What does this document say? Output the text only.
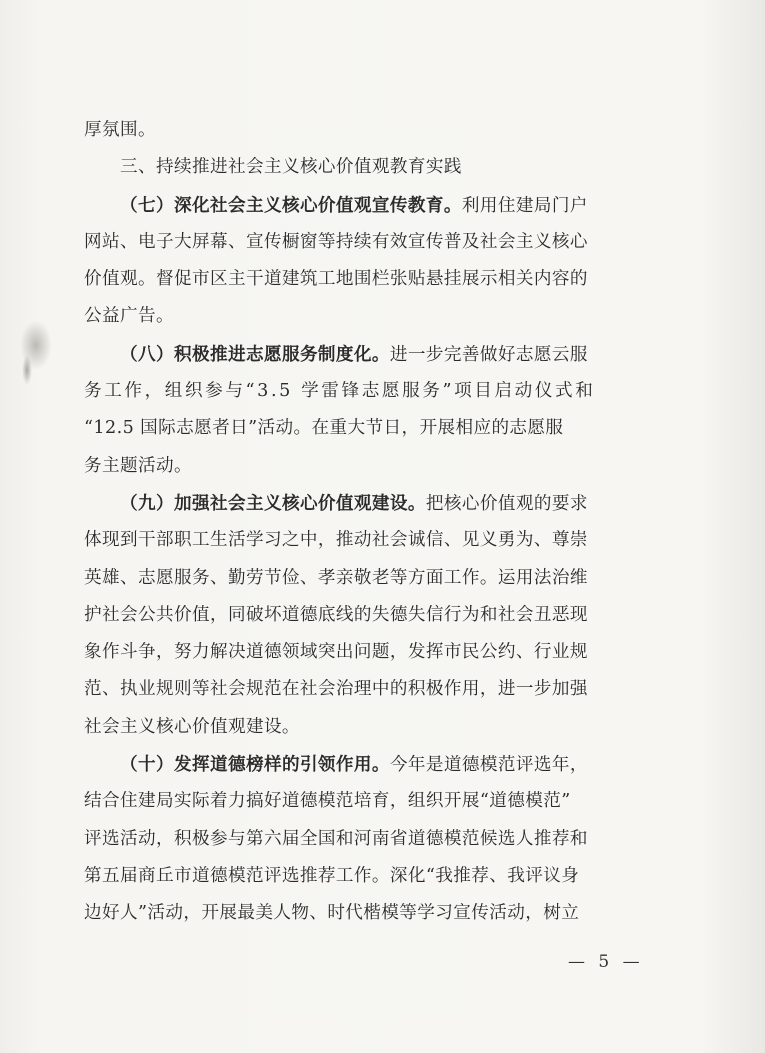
厚氛围。
三、持续推进社会主义核心价值观教育实践
（七）深化社会主义核心价值观宣传教育。利用住建局门户
网站、电子大屏幕、宣传橱窗等持续有效宣传普及社会主义核心
价值观。督促市区主干道建筑工地围栏张贴悬挂展示相关内容的
公益广告。
（八）积极推进志愿服务制度化。进一步完善做好志愿云服
务工作，组织参与“3.5 学雷锋志愿服务”项目启动仪式和
“12.5 国际志愿者日”活动。在重大节日，开展相应的志愿服
务主题活动。
（九）加强社会主义核心价值观建设。把核心价值观的要求
体现到干部职工生活学习之中，推动社会诚信、见义勇为、尊崇
英雄、志愿服务、勤劳节俭、孝亲敬老等方面工作。运用法治维
护社会公共价值，同破坏道德底线的失德失信行为和社会丑恶现
象作斗争，努力解决道德领域突出问题，发挥市民公约、行业规
范、执业规则等社会规范在社会治理中的积极作用，进一步加强
社会主义核心价值观建设。
（十）发挥道德榜样的引领作用。今年是道德模范评选年，
结合住建局实际着力搞好道德模范培育，组织开展“道德模范”
评选活动，积极参与第六届全国和河南省道德模范候选人推荐和
第五届商丘市道德模范评选推荐工作。深化“我推荐、我评议身
边好人”活动，开展最美人物、时代楷模等学习宣传活动，树立
— 5 —
